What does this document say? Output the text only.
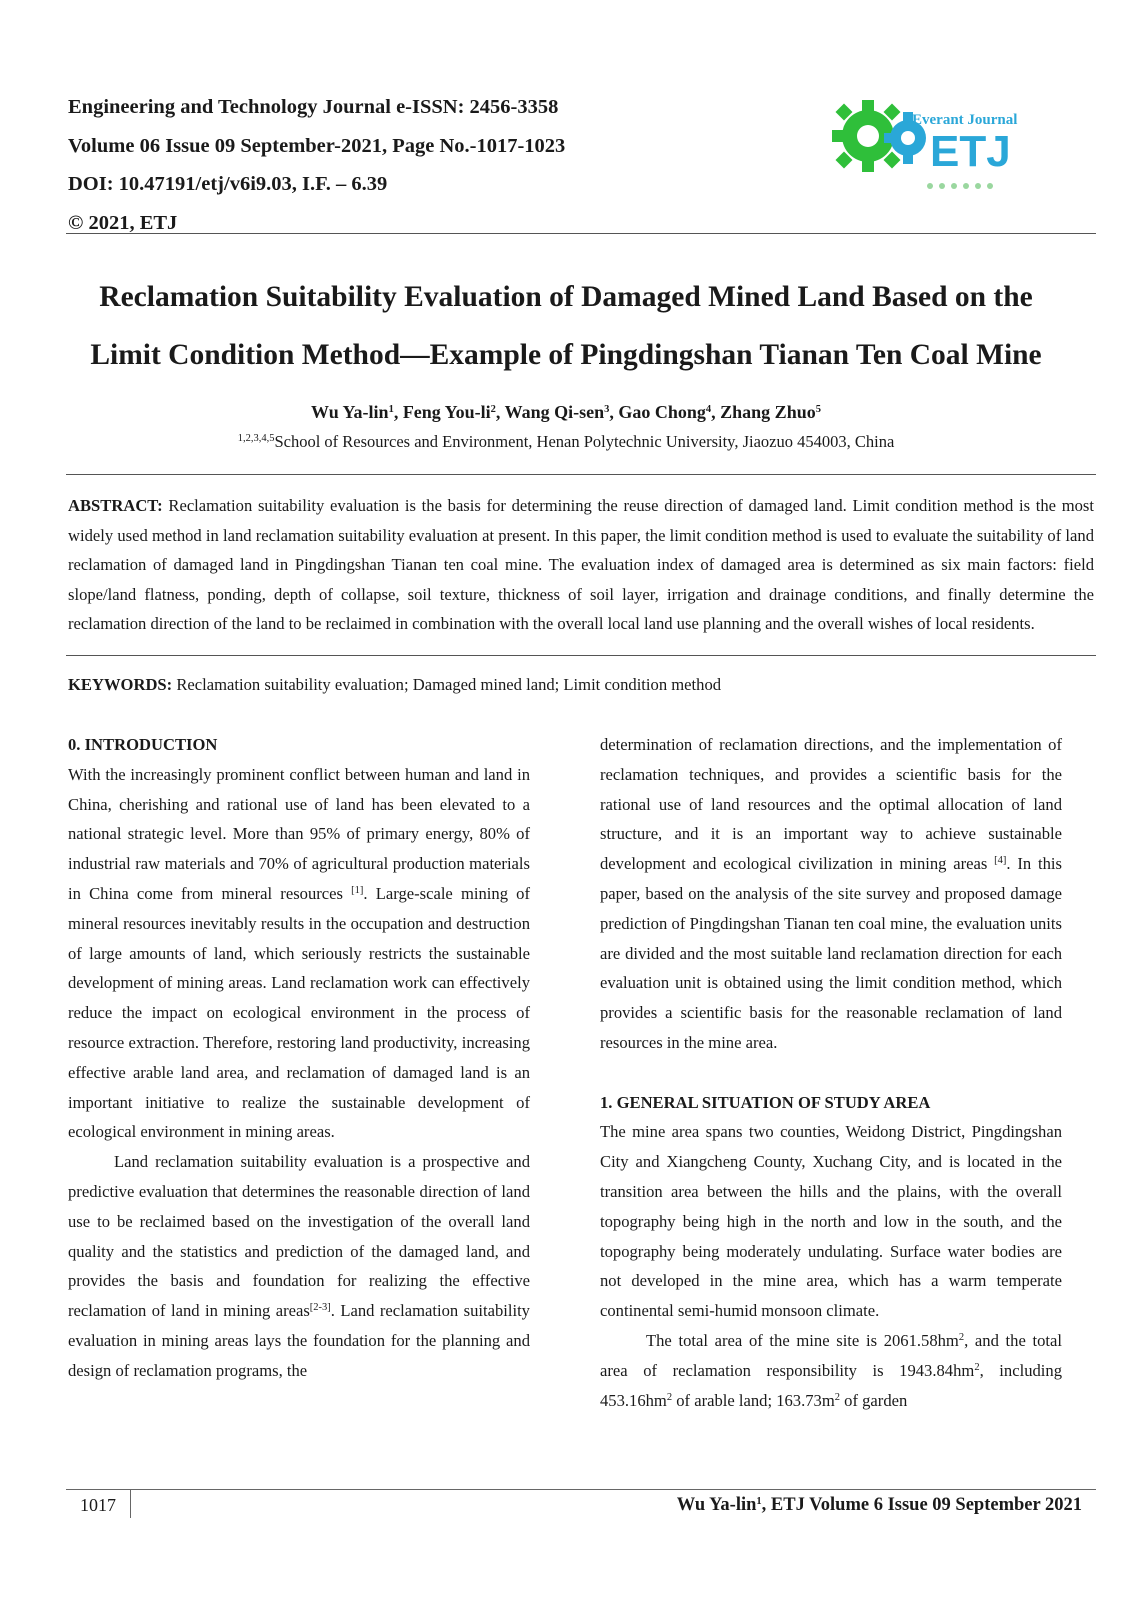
Engineering and Technology Journal e-ISSN: 2456-3358
Volume 06 Issue 09 September-2021, Page No.-1017-1023
DOI: 10.47191/etj/v6i9.03, I.F. – 6.39
© 2021, ETJ
Everant Journal
ETJ
Reclamation Suitability Evaluation of Damaged Mined Land Based on the
Limit Condition Method—Example of Pingdingshan Tianan Ten Coal Mine
Wu Ya-lin$^1$, Feng You-$li^2$, Wang Qi-sen$^3$, Gao Chong$^4$, Zhang Zhuo$^5$
$^{1,2,3,4,5}$School of Resources and Environment, Henan Polytechnic University, Jiaozuo 454003, China
ABSTRACT: Reclamation suitability evaluation is the basis for determining the reuse direction of damaged land. Limit condition method is the most widely used method in land reclamation suitability evaluation at present. In this paper, the limit condition method is used to evaluate the suitability of land reclamation of damaged land in Pingdingshan Tianan ten coal mine. The evaluation index of damaged area is determined as six main factors: field slope/land flatness, ponding, depth of collapse, soil texture, thickness of soil layer, irrigation and drainage conditions, and finally determine the reclamation direction of the land to be reclaimed in combination with the overall local land use planning and the overall wishes of local residents.
KEYWORDS: Reclamation suitability evaluation; Damaged mined land; Limit condition method
0. INTRODUCTION

With the increasingly prominent conflict between human and land in China, cherishing and rational use of land has been elevated to a national strategic level. More than 95% of primary energy, 80% of industrial raw materials and 70% of agricultural production materials in China come from mineral resources [1]. Large-scale mining of mineral resources inevitably results in the occupation and destruction of large amounts of land, which seriously restricts the sustainable development of mining areas. Land reclamation work can effectively reduce the impact on ecological environment in the process of resource extraction. Therefore, restoring land productivity, increasing effective arable land area, and reclamation of damaged land is an important initiative to realize the sustainable development of ecological environment in mining areas.

Land reclamation suitability evaluation is a prospective and predictive evaluation that determines the reasonable direction of land use to be reclaimed based on the investigation of the overall land quality and the statistics and prediction of the damaged land, and provides the basis and foundation for realizing the effective reclamation of land in mining areas[2-3]. Land reclamation suitability evaluation in mining areas lays the foundation for the planning and design of reclamation programs, the

determination of reclamation directions, and the implementation of reclamation techniques, and provides a scientific basis for the rational use of land resources and the optimal allocation of land structure, and it is an important way to achieve sustainable development and ecological civilization in mining areas [4]. In this paper, based on the analysis of the site survey and proposed damage prediction of Pingdingshan Tianan ten coal mine, the evaluation units are divided and the most suitable land reclamation direction for each evaluation unit is obtained using the limit condition method, which provides a scientific basis for the reasonable reclamation of land resources in the mine area.

1. GENERAL SITUATION OF STUDY AREA

The mine area spans two counties, Weidong District, Pingdingshan City and Xiangcheng County, Xuchang City, and is located in the transition area between the hills and the plains, with the overall topography being high in the north and low in the south, and the topography being moderately undulating. Surface water bodies are not developed in the mine area, which has a warm temperate continental semi-humid monsoon climate.

The total area of the mine site is $2061.58hm^2$, and the total area of reclamation responsibility is $1943.84hm^2$, including $453.16hm^2$ of arable land; $163.73m^2$ of garden

1017	Wu Ya-lin$^1$, ETJ Volume 6 Issue 09 September 2021
